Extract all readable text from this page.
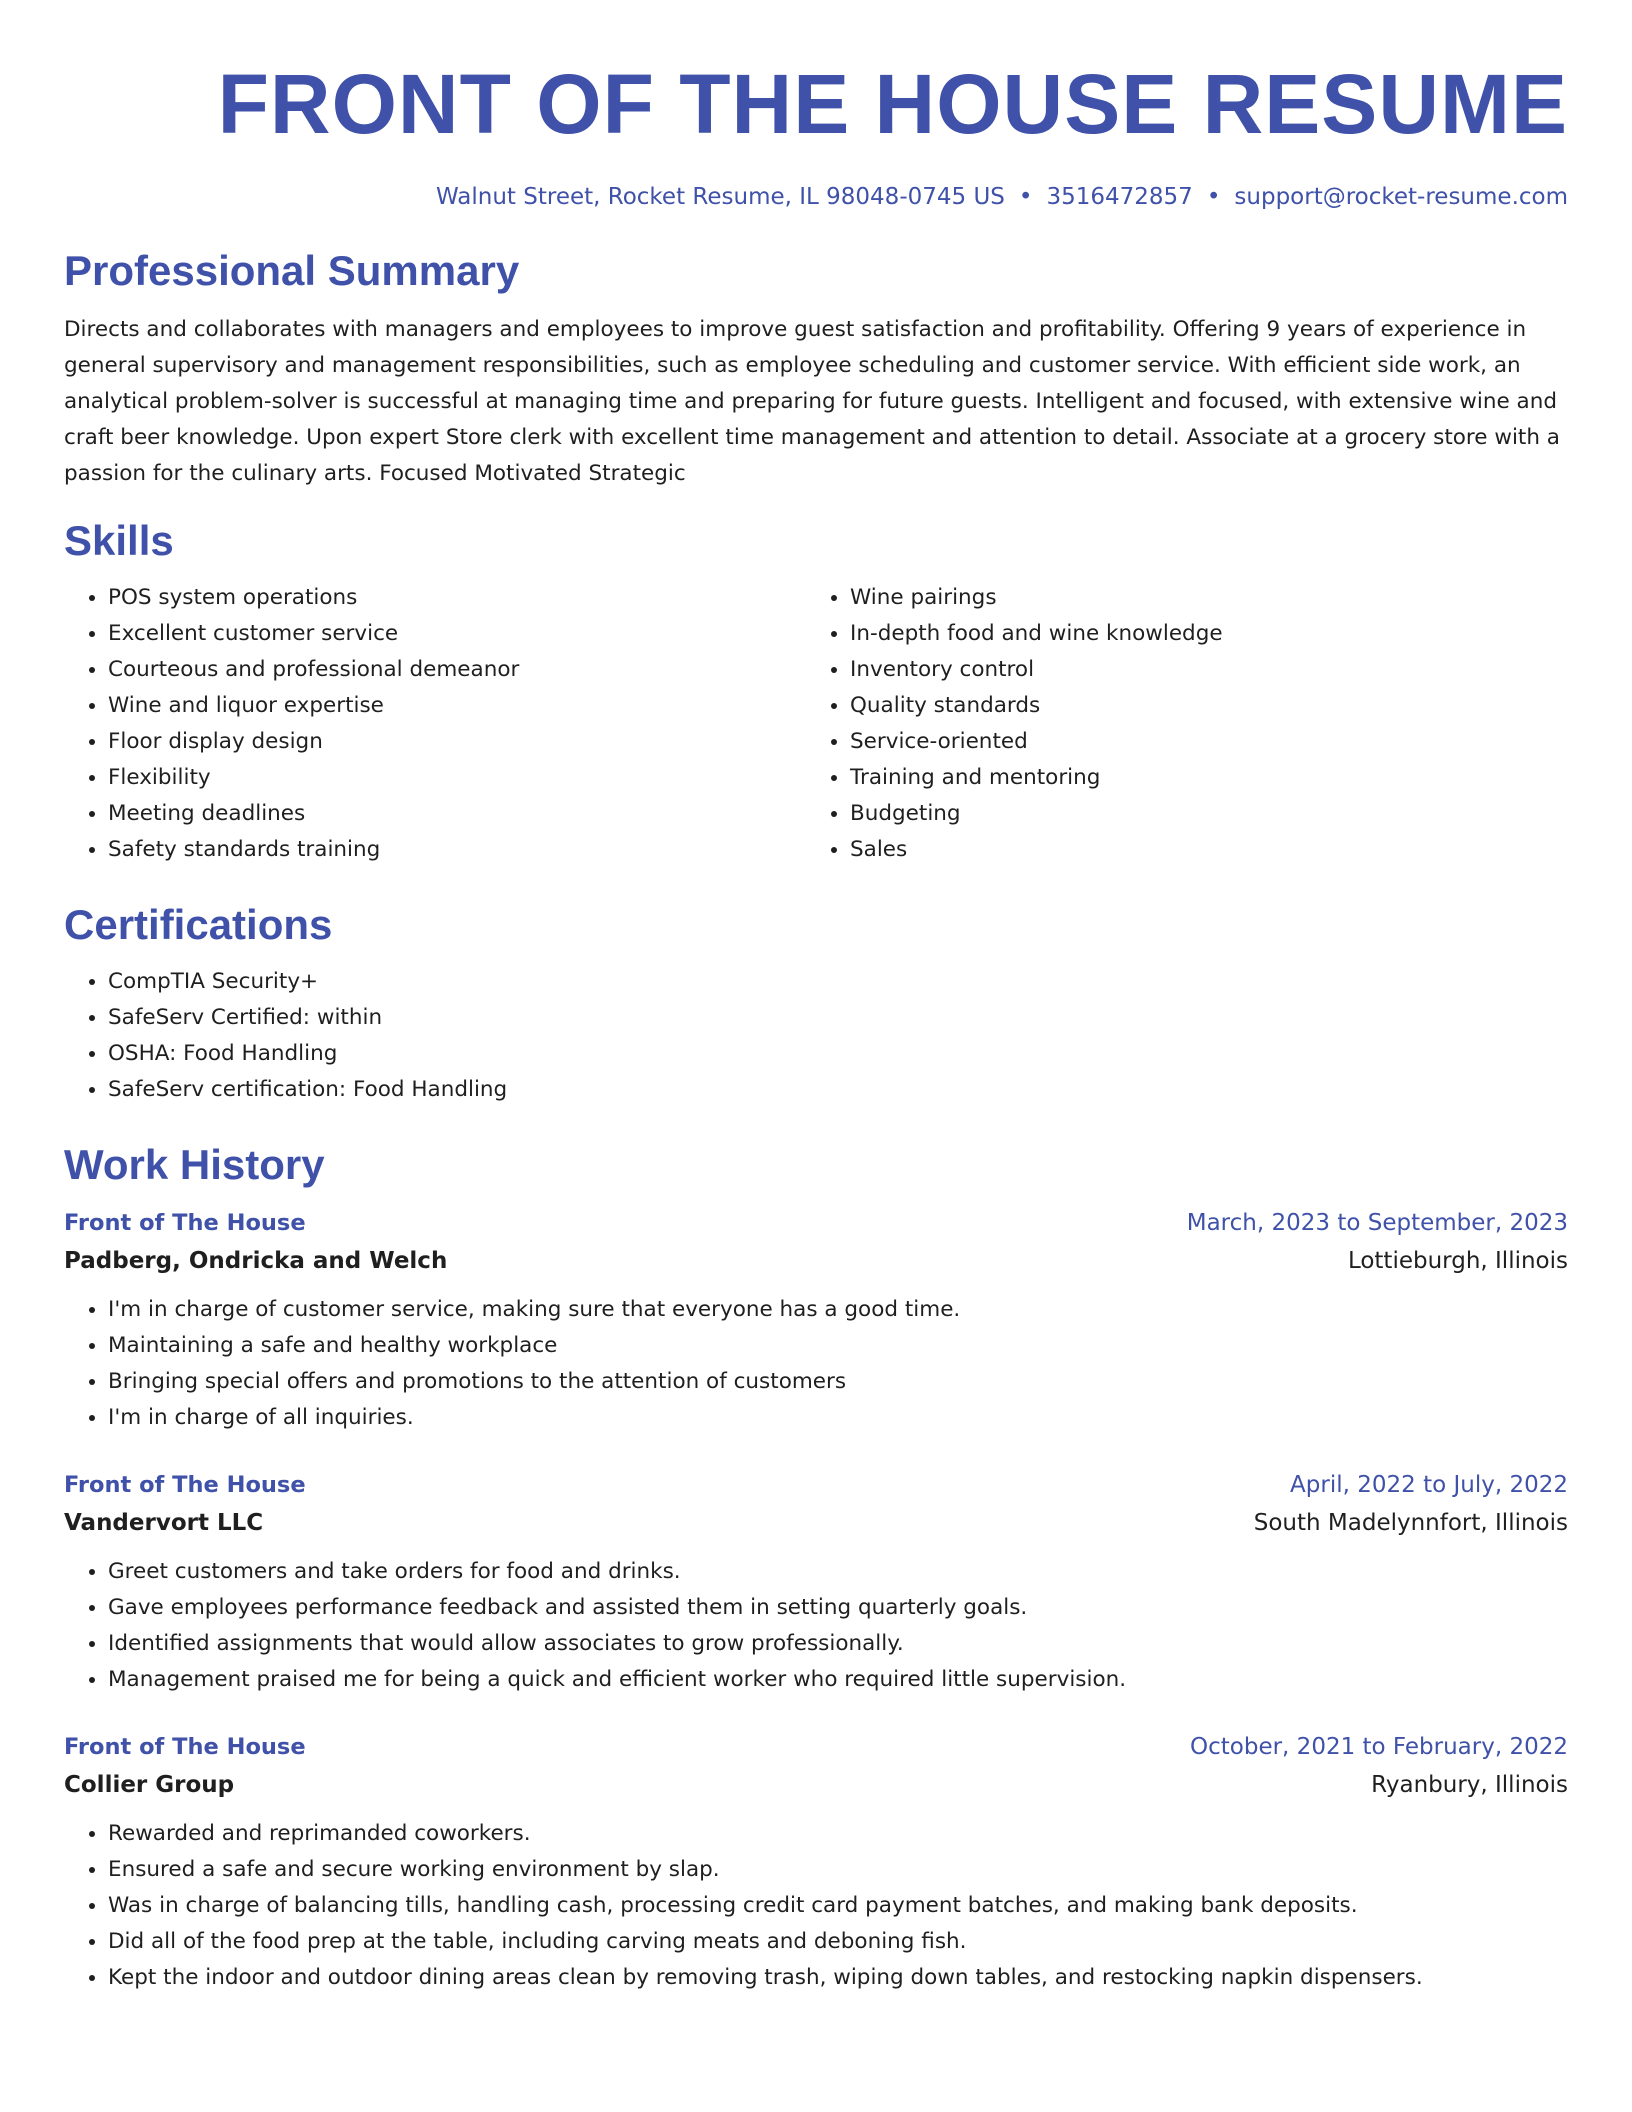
FRONT OF THE HOUSE RESUME
Walnut Street, Rocket Resume, IL 98048-0745 US • 3516472857 • support@rocket-resume.com
Professional Summary

Directs and collaborates with managers and employees to improve guest satisfaction and profitability. Offering 9 years of experience in general supervisory and management responsibilities, such as employee scheduling and customer service. With efficient side work, an analytical problem-solver is successful at managing time and preparing for future guests. Intelligent and focused, with extensive wine and craft beer knowledge. Upon expert Store clerk with excellent time management and attention to detail. Associate at a grocery store with a passion for the culinary arts. Focused Motivated Strategic

Skills
• POS system operations
• Excellent customer service
• Courteous and professional demeanor
• Wine and liquor expertise
• Floor display design
• Flexibility
• Meeting deadlines
• Safety standards training
• Wine pairings
• In-depth food and wine knowledge
• Inventory control
• Quality standards
• Service-oriented
• Training and mentoring
• Budgeting
• Sales
Certifications
• CompTIA Security+
• SafeServ Certified: within
• OSHA: Food Handling
• SafeServ certification: Food Handling
Work History
Front of The House	March, 2023 to September, 2023
Padberg, Ondricka and Welch	Lottieburgh, Illinois
• I'm in charge of customer service, making sure that everyone has a good time.
• Maintaining a safe and healthy workplace
• Bringing special offers and promotions to the attention of customers
• I'm in charge of all inquiries.
Front of The House	April, 2022 to July, 2022
Vandervort LLC	South Madelynnfort, Illinois
• Greet customers and take orders for food and drinks.
• Gave employees performance feedback and assisted them in setting quarterly goals.
• Identified assignments that would allow associates to grow professionally.
• Management praised me for being a quick and efficient worker who required little supervision.
Front of The House	October, 2021 to February, 2022
Collier Group	Ryanbury, Illinois
• Rewarded and reprimanded coworkers.
• Ensured a safe and secure working environment by slap.
• Was in charge of balancing tills, handling cash, processing credit card payment batches, and making bank deposits.
• Did all of the food prep at the table, including carving meats and deboning fish.
• Kept the indoor and outdoor dining areas clean by removing trash, wiping down tables, and restocking napkin dispensers.
